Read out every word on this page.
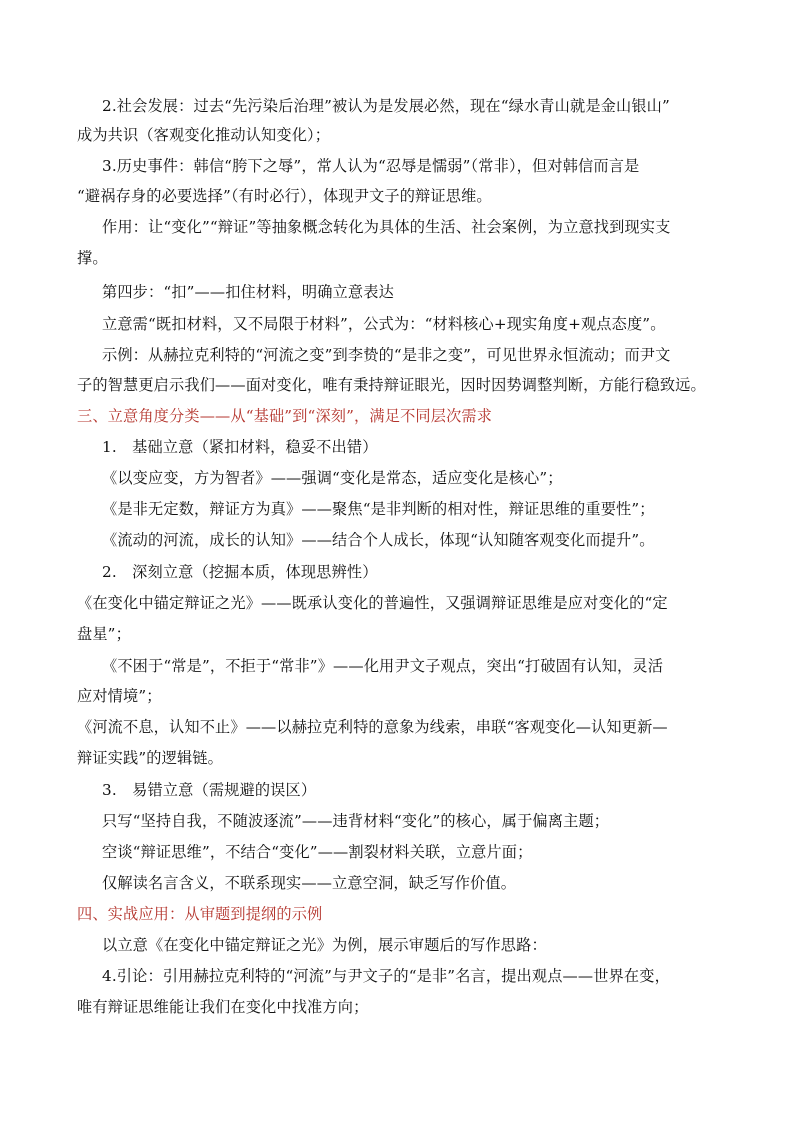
2.社会发展：过去“先污染后治理”被认为是发展必然，现在“绿水青山就是金山银山”
成为共识（客观变化推动认知变化）；
3.历史事件：韩信“胯下之辱”，常人认为“忍辱是懦弱”（常非），但对韩信而言是
“避祸存身的必要选择”（有时必行），体现尹文子的辩证思维。
作用：让“变化”“辩证”等抽象概念转化为具体的生活、社会案例，为立意找到现实支
撑。
第四步：“扣”——扣住材料，明确立意表达
立意需“既扣材料，又不局限于材料”，公式为：“材料核心+现实角度+观点态度”。
示例：从赫拉克利特的“河流之变”到李贽的“是非之变”，可见世界永恒流动；而尹文
子的智慧更启示我们——面对变化，唯有秉持辩证眼光，因时因势调整判断，方能行稳致远。
三、立意角度分类——从“基础”到“深刻”，满足不同层次需求
1.　基础立意（紧扣材料，稳妥不出错）
《以变应变，方为智者》——强调“变化是常态，适应变化是核心”；
《是非无定数，辩证方为真》——聚焦“是非判断的相对性，辩证思维的重要性”；
《流动的河流，成长的认知》——结合个人成长，体现“认知随客观变化而提升”。
2.　深刻立意（挖掘本质，体现思辨性）
《在变化中锚定辩证之光》——既承认变化的普遍性，又强调辩证思维是应对变化的“定
盘星”；
《不困于“常是”，不拒于“常非”》——化用尹文子观点，突出“打破固有认知，灵活
应对情境”；
《河流不息，认知不止》——以赫拉克利特的意象为线索，串联“客观变化—认知更新—
辩证实践”的逻辑链。
3.　易错立意（需规避的误区）
只写“坚持自我，不随波逐流”——违背材料“变化”的核心，属于偏离主题；
空谈“辩证思维”，不结合“变化”——割裂材料关联，立意片面；
仅解读名言含义，不联系现实——立意空洞，缺乏写作价值。
四、实战应用：从审题到提纲的示例
以立意《在变化中锚定辩证之光》为例，展示审题后的写作思路：
4.引论：引用赫拉克利特的“河流”与尹文子的“是非”名言，提出观点——世界在变，
唯有辩证思维能让我们在变化中找准方向；
